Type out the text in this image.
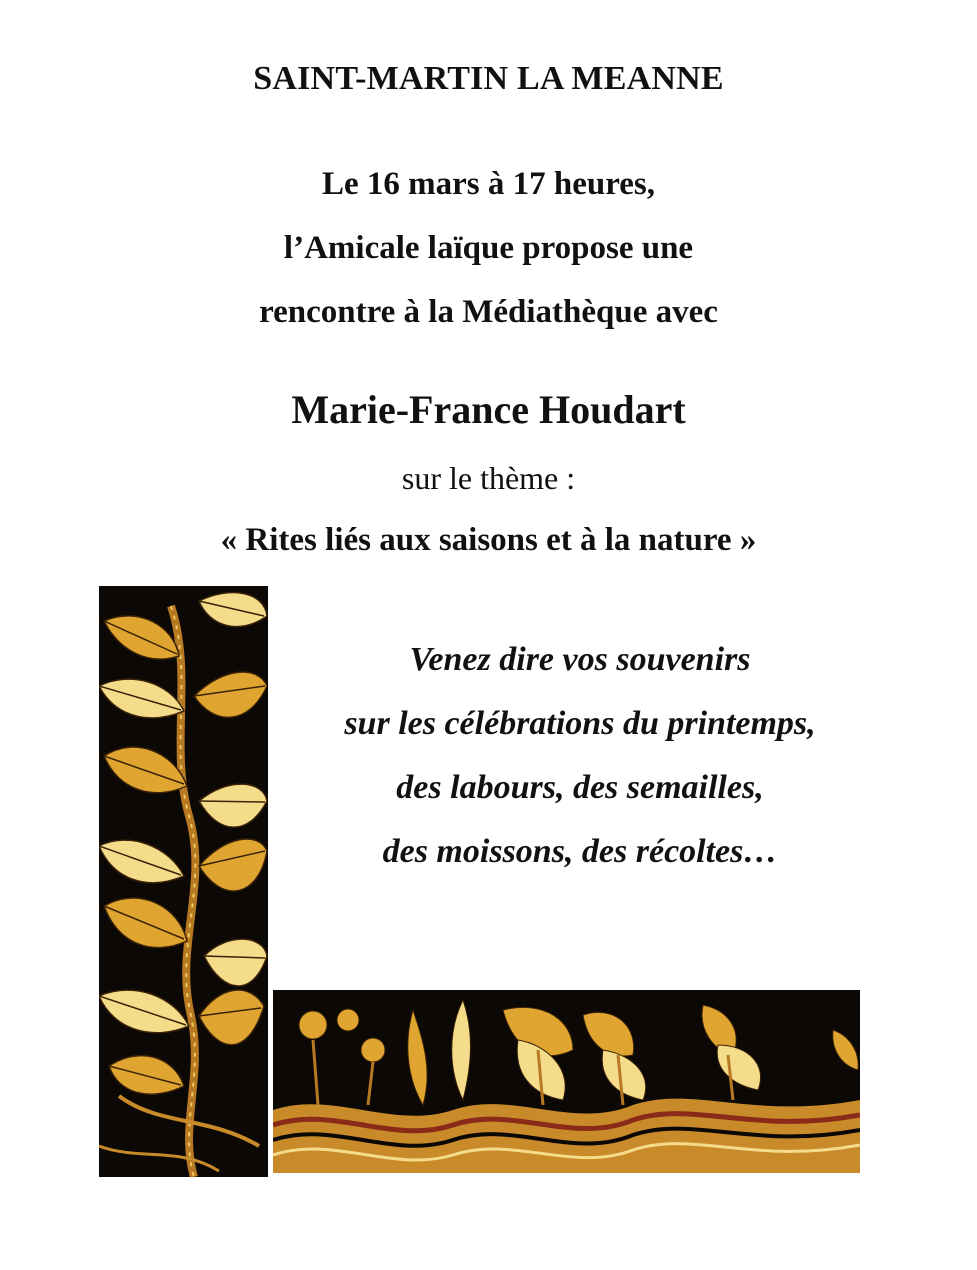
SAINT-MARTIN LA MEANNE
Le 16 mars à 17 heures,
l’Amicale laïque propose une
rencontre à la Médiathèque avec
Marie-France Houdart
sur le thème :
« Rites liés aux saisons et à la nature »
Venez dire vos souvenirs
sur les célébrations du printemps,
des labours, des semailles,
des moissons, des récoltes…
